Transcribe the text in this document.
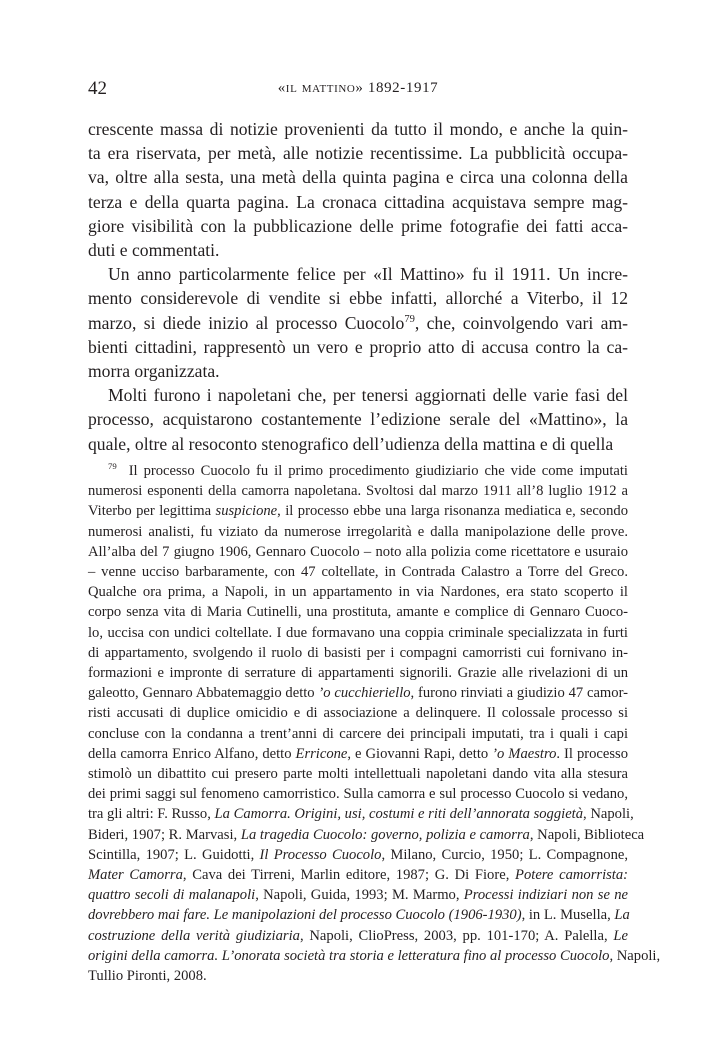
42	«il mattino» 1892-1917

crescente massa di notizie provenienti da tutto il mondo, e anche la quin-
ta era riservata, per metà, alle notizie recentissime. La pubblicità occupa-
va, oltre alla sesta, una metà della quinta pagina e circa una colonna della
terza e della quarta pagina. La cronaca cittadina acquistava sempre mag-
giore visibilità con la pubblicazione delle prime fotografie dei fatti acca-
duti e commentati.

Un anno particolarmente felice per «Il Mattino» fu il 1911. Un incre-
mento considerevole di vendite si ebbe infatti, allorché a Viterbo, il 12
marzo, si diede inizio al processo Cuocolo$^{79}$, che, coinvolgendo vari am-
bienti cittadini, rappresentò un vero e proprio atto di accusa contro la ca-
morra organizzata.

Molti furono i napoletani che, per tenersi aggiornati delle varie fasi del
processo, acquistarono costantemente l’edizione serale del «Mattino», la
quale, oltre al resoconto stenografico dell’udienza della mattina e di quella

$^{79}$  Il processo Cuocolo fu il primo procedimento giudiziario che vide come imputati
numerosi esponenti della camorra napoletana. Svoltosi dal marzo 1911 all’8 luglio 1912 a
Viterbo per legittima suspicione, il processo ebbe una larga risonanza mediatica e, secondo
numerosi analisti, fu viziato da numerose irregolarità e dalla manipolazione delle prove.
All’alba del 7 giugno 1906, Gennaro Cuocolo – noto alla polizia come ricettatore e usuraio
– venne ucciso barbaramente, con 47 coltellate, in Contrada Calastro a Torre del Greco.
Qualche ora prima, a Napoli, in un appartamento in via Nardones, era stato scoperto il
corpo senza vita di Maria Cutinelli, una prostituta, amante e complice di Gennaro Cuoco-
lo, uccisa con undici coltellate. I due formavano una coppia criminale specializzata in furti
di appartamento, svolgendo il ruolo di basisti per i compagni camorristi cui fornivano in-
formazioni e impronte di serrature di appartamenti signorili. Grazie alle rivelazioni di un
galeotto, Gennaro Abbatemaggio detto ’o cucchieriello, furono rinviati a giudizio 47 camor-
risti accusati di duplice omicidio e di associazione a delinquere. Il colossale processo si
concluse con la condanna a trent’anni di carcere dei principali imputati, tra i quali i capi
della camorra Enrico Alfano, detto Erricone, e Giovanni Rapi, detto ’o Maestro. Il processo
stimolò un dibattito cui presero parte molti intellettuali napoletani dando vita alla stesura
dei primi saggi sul fenomeno camorristico. Sulla camorra e sul processo Cuocolo si vedano,
tra gli altri: F. Russo, La Camorra. Origini, usi, costumi e riti dell’annorata soggietà, Napoli,
Bideri, 1907; R. Marvasi, La tragedia Cuocolo: governo, polizia e camorra, Napoli, Biblioteca
Scintilla, 1907; L. Guidotti, Il Processo Cuocolo, Milano, Curcio, 1950; L. Compagnone,
Mater Camorra, Cava dei Tirreni, Marlin editore, 1987; G. Di Fiore, Potere camorrista:
quattro secoli di malanapoli, Napoli, Guida, 1993; M. Marmo, Processi indiziari non se ne
dovrebbero mai fare. Le manipolazioni del processo Cuocolo (1906-1930), in L. Musella, La
costruzione della verità giudiziaria, Napoli, ClioPress, 2003, pp. 101-170; A. Palella, Le
origini della camorra. L’onorata società tra storia e letteratura fino al processo Cuocolo, Napoli,
Tullio Pironti, 2008.
